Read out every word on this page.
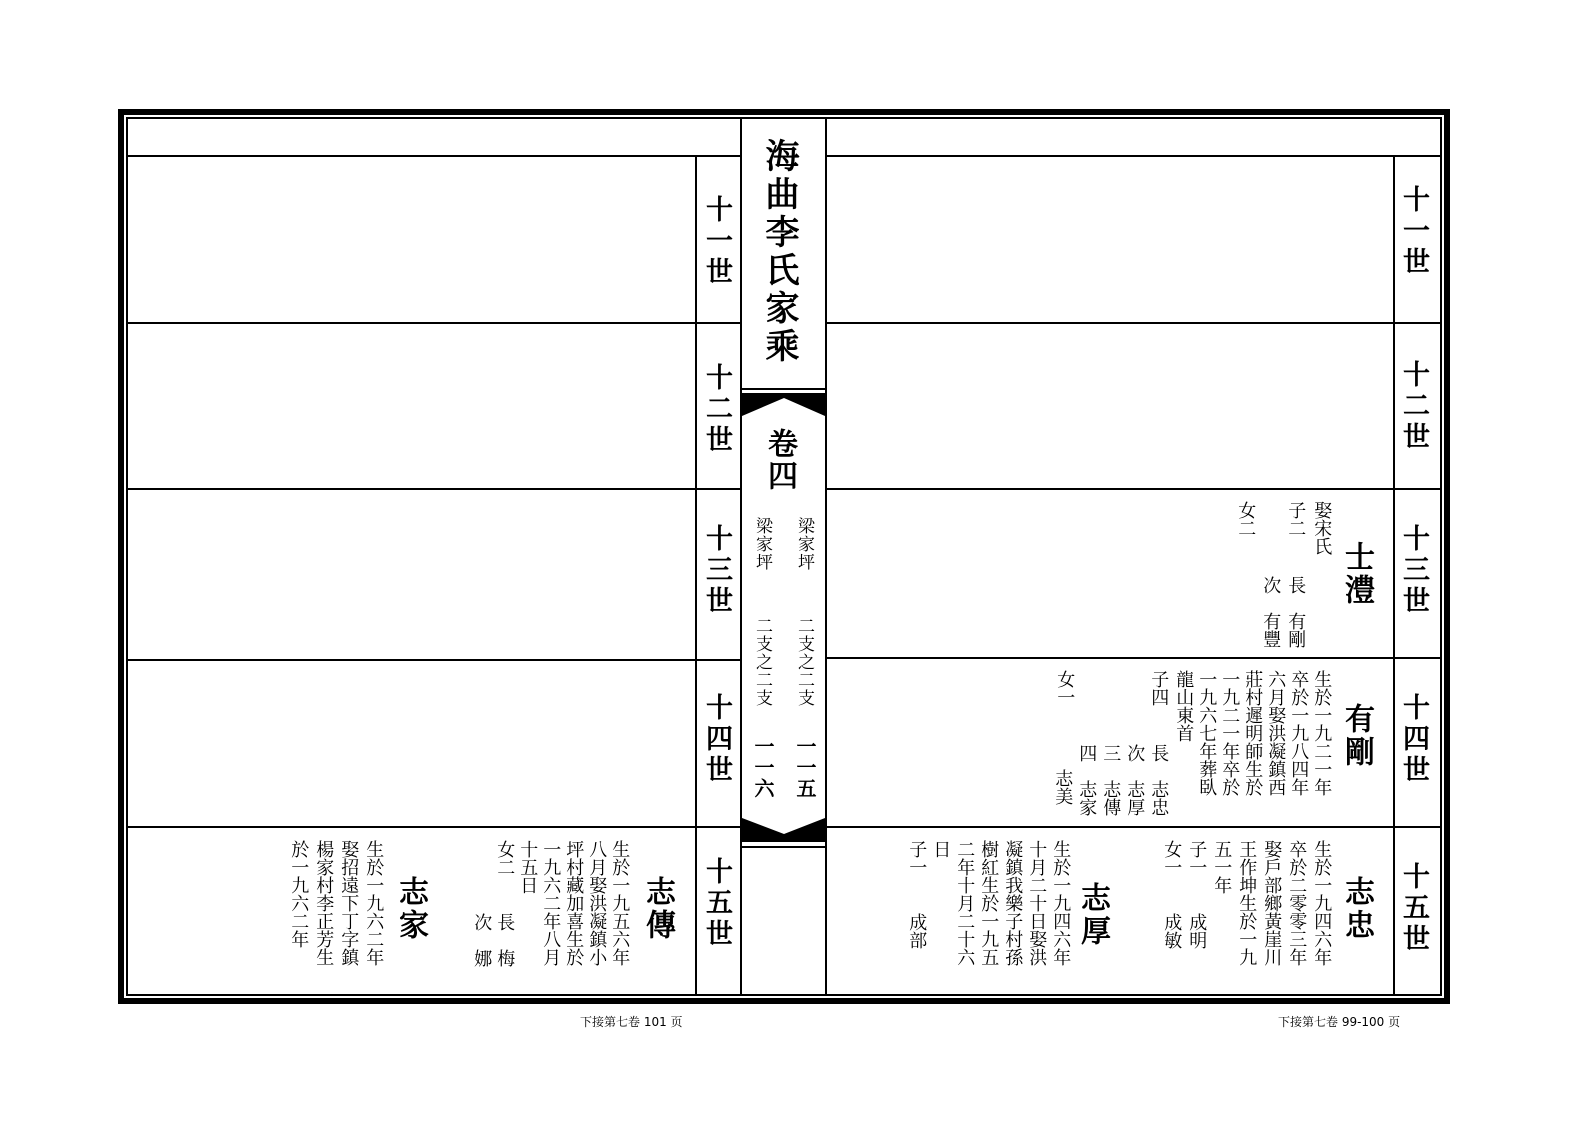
海曲李氏家乘
卷四
梁家坪
二支之二支
一一五
梁家坪
二支之二支
一一六
十一世
十二世
十三世
十四世
十五世
十一世
十二世
十三世
十四世
十五世
士澧
娶宋氏
子二
女二
長　有剛
次　有豐
有剛
生於一九二一年
卒於一九八四年
六月娶洪凝鎮西
莊村遲明師生於
一九二一年卒於
一九六七年葬臥
龍山東首
子四
女一
長　志忠
次　志厚
三　志傳
四　志家
志美
志忠
生於一九四六年
卒於二零零三年
娶戶部鄉黃崖川
王作坤生於一九
五一年
子一
女一
成明
成敏
志厚
生於一九四六年
十月二十日娶洪
凝鎮我樂子村孫
樹紅生於一九五
二年十月二十六
日
子一
成部
志傳
生於一九五六年
八月娶洪凝鎮小
坪村藏加喜生於
一九六二年八月
十五日
女二
長　梅
次　娜
志家
生於一九六二年
娶招遠下丁字鎮
楊家村李正芳生
於一九六二年
下接第七卷 101 页	下接第七卷 99-100 页
